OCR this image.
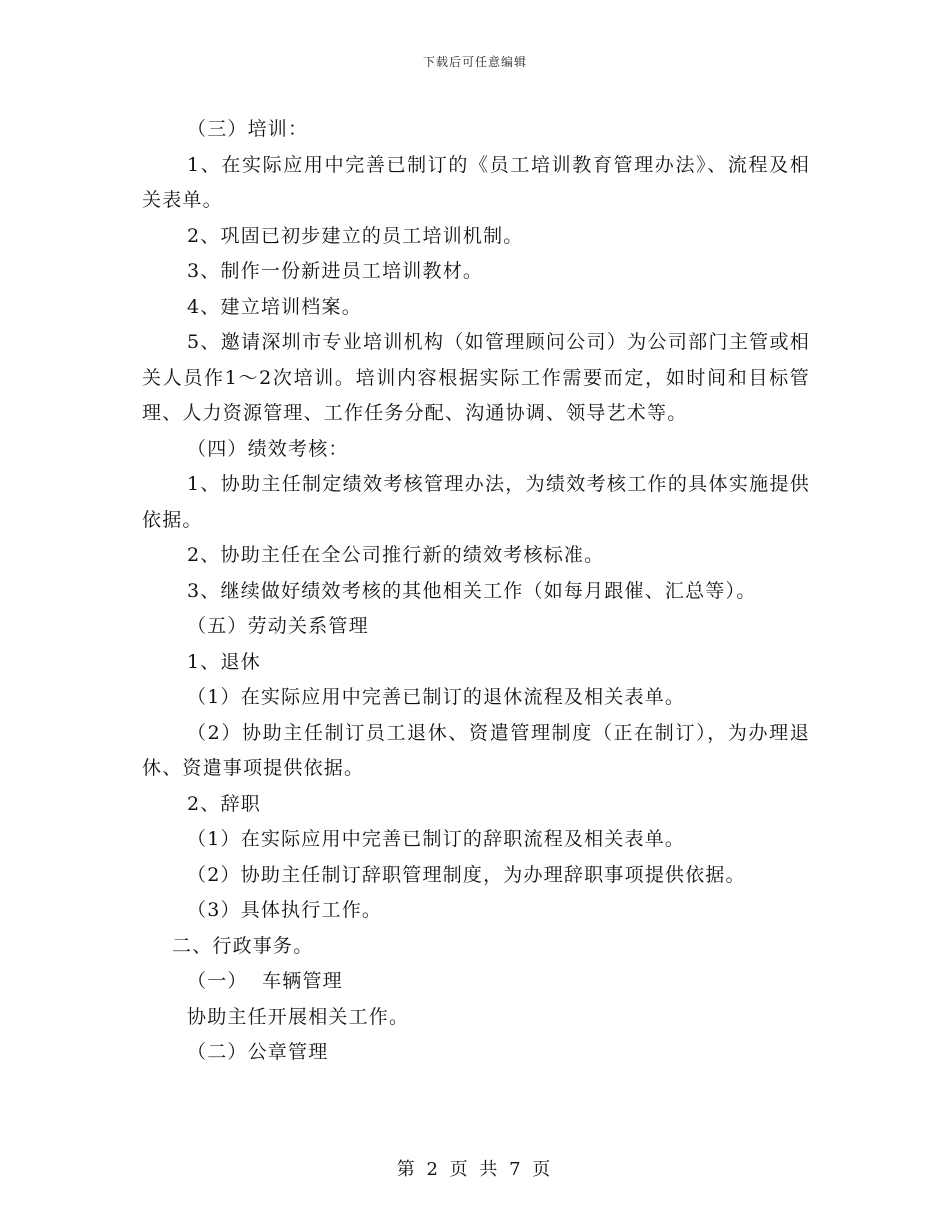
下载后可任意编辑

（三）培训：

1、在实际应用中完善已制订的《员工培训教育管理办法》、流程及相关表单。

2、巩固已初步建立的员工培训机制。

3、制作一份新进员工培训教材。

4、建立培训档案。

5、邀请深圳市专业培训机构（如管理顾问公司）为公司部门主管或相关人员作1～2次培训。培训内容根据实际工作需要而定，如时间和目标管理、人力资源管理、工作任务分配、沟通协调、领导艺术等。

（四）绩效考核：

1、协助主任制定绩效考核管理办法，为绩效考核工作的具体实施提供依据。

2、协助主任在全公司推行新的绩效考核标准。

3、继续做好绩效考核的其他相关工作（如每月跟催、汇总等）。

（五）劳动关系管理

1、退休

（1）在实际应用中完善已制订的退休流程及相关表单。

（2）协助主任制订员工退休、资遣管理制度（正在制订），为办理退休、资遣事项提供依据。

2、辞职

（1）在实际应用中完善已制订的辞职流程及相关表单。

（2）协助主任制订辞职管理制度，为办理辞职事项提供依据。

（3）具体执行工作。

二、行政事务。

（一）  车辆管理

协助主任开展相关工作。

（二）公章管理

第 2 页 共 7 页
